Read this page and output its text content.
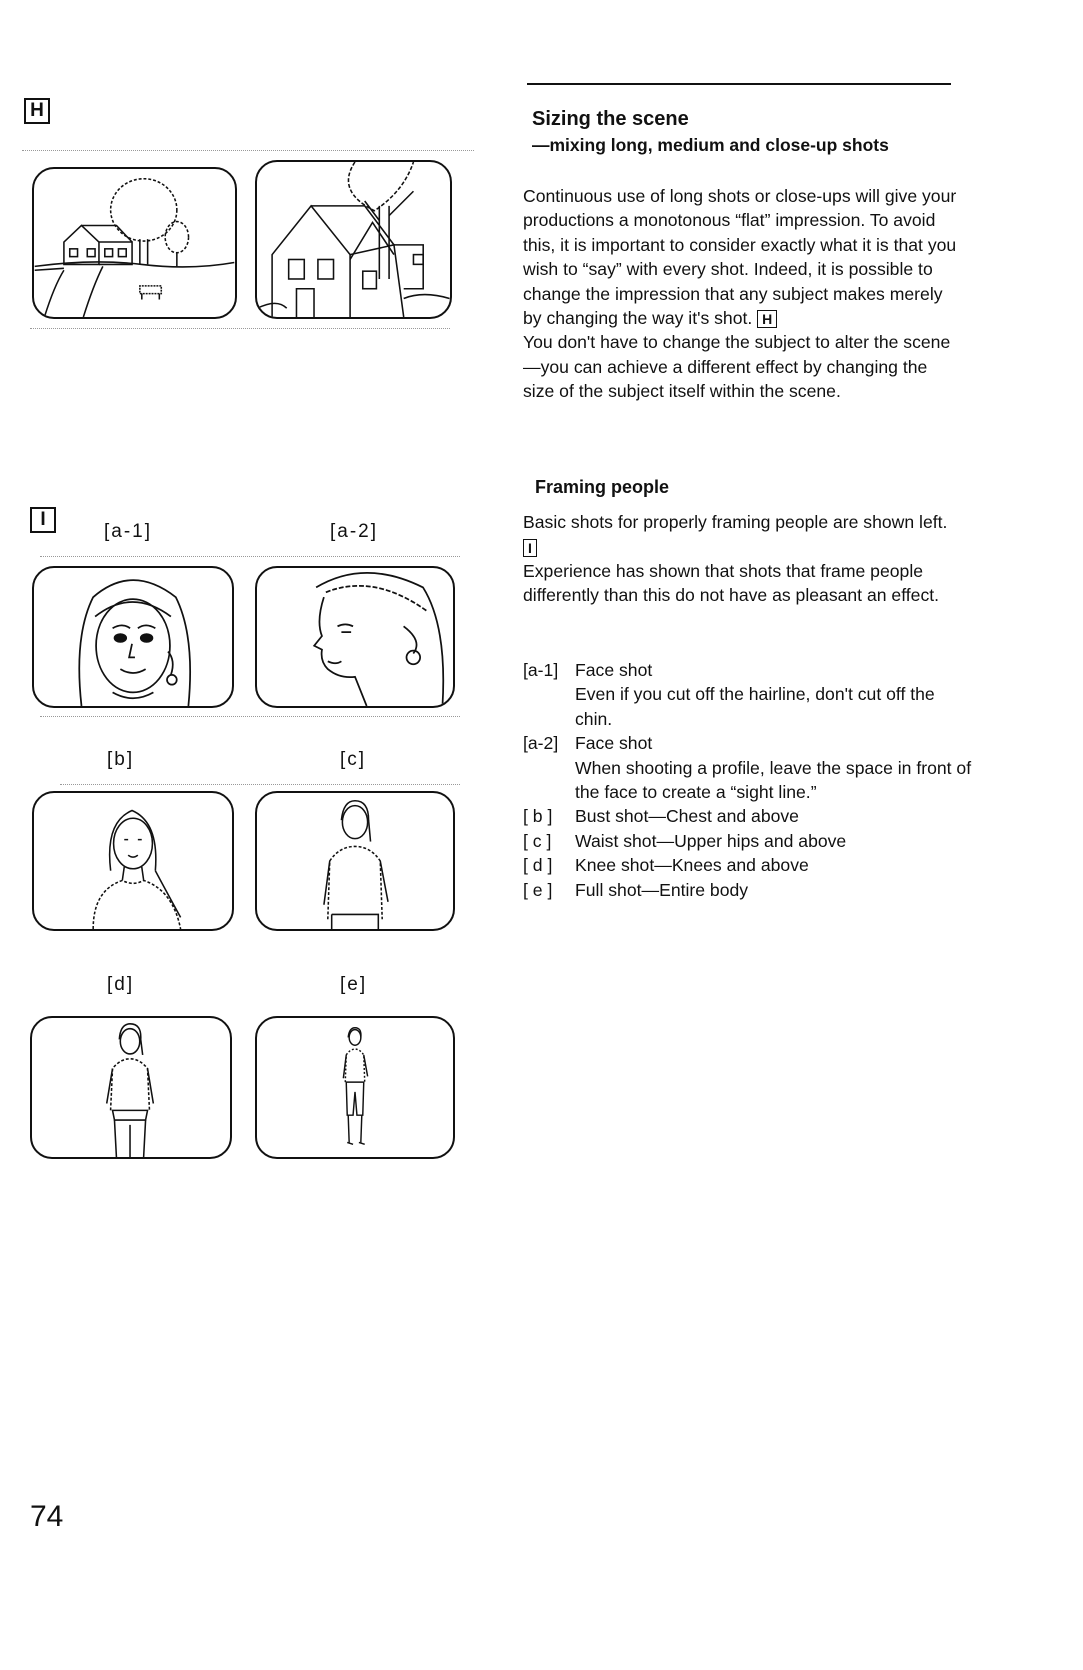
H
I
[a-1]	[a-2]
[b]	[c]
[d]	[e]
Sizing the scene
—mixing long, medium and close-up shots

Continuous use of long shots or close-ups will give your productions a monotonous “flat” impression. To avoid this, it is important to consider exactly what it is that you wish to “say” with every shot. Indeed, it is possible to change the impression that any subject makes merely by changing the way it's shot. H

You don't have to change the subject to alter the scene—you can achieve a different effect by changing the size of the subject itself within the scene.

Framing people

Basic shots for properly framing people are shown left. I

Experience has shown that shots that frame people differently than this do not have as pleasant an effect.

[a-1] Face shot
Even if you cut off the hairline, don't cut off the chin.
[a-2] Face shot
When shooting a profile, leave the space in front of the face to create a “sight line.”
[ b ]	Bust shot—Chest and above
[ c ]	Waist shot—Upper hips and above
[ d ]	Knee shot—Knees and above
[ e ]	Full shot—Entire body
74
